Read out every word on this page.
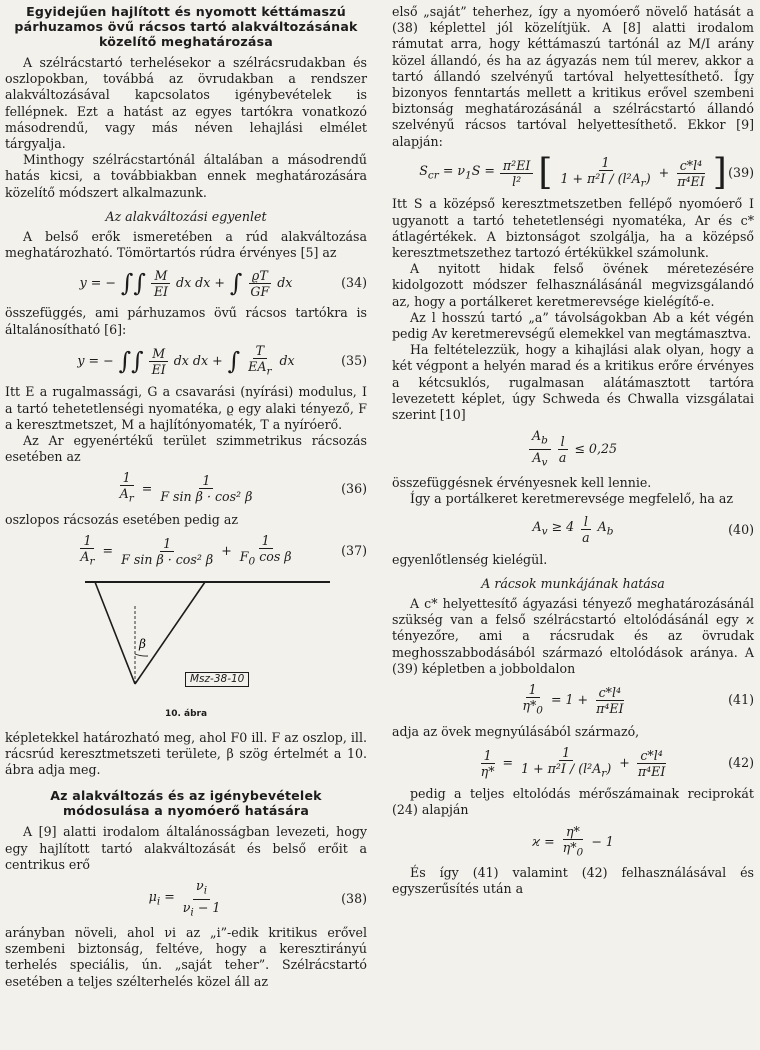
Egyidejűen hajlított és nyomott kéttámaszú párhuzamos övű rácsos tartó alakváltozásának közelítő meghatározása

A szélrácstartó terhelésekor a szélrácsrudakban és oszlopokban, továbbá az övrudakban a rendszer alakváltozásával kapcsolatos igénybevételek is fellépnek. Ezt a hatást az egyes tartókra vonatkozó másodrendű, vagy más néven lehajlási elmélet tárgyalja.

Minthogy szélrácstartónál általában a másodrendű hatás kicsi, a továbbiakban ennek meghatározására közelítő módszert alkalmazunk.

Az alakváltozási egyenlet

A belső erők ismeretében a rúd alakváltozása meghatározható. Tömörtartós rúdra érvényes [5] az

y = − ∫∫ $\frac{M}{EI}$ dx dx + ∫ $\frac{ϱT}{GF}$ dx	(34)

összefüggés, ami párhuzamos övű rácsos tartókra is általánosítható [6]:

y = − ∫∫ $\frac{M}{EI}$ dx dx + ∫ $\frac{T}{EA_r}$ dx	(35)

Itt E a rugalmassági, G a csavarási (nyírási) modulus, I a tartó tehetetlenségi nyomatéka, ϱ egy alaki tényező, F a keresztmetszet, M a hajlítónyomaték, T a nyíróerő.

Az Ar egyenértékű terület szimmetrikus rácsozás esetében az

$\frac{1}{A_r} = \frac{1}{\text{F sin β · cos² β}}$	(36)

oszlopos rácsozás esetében pedig az

$\frac{1}{A_r} = \frac{1}{\text{F sin β · cos² β}} + \frac{1}{F_0 \cos \beta}$	(37)
β
Msz-38-10
10. ábra

képletekkel határozható meg, ahol F0 ill. F az oszlop, ill. rácsrúd keresztmetszeti területe, β szög értelmét a 10. ábra adja meg.

Az alakváltozás és az igénybevételek módosulása a nyomóerő hatására

A [9] alatti irodalom általánosságban levezeti, hogy egy hajlított tartó alakváltozását és belső erőit a centrikus erő

$\mu_i = \frac{\nu_i}{\nu_i - 1}$	(38)

arányban növeli, ahol νi az „i”-edik kritikus erővel szembeni biztonság, feltéve, hogy a keresztirányú terhelés speciális, ún. „saját teher”. Szélrácstartó esetében a teljes szélterhelés közel áll az

első „saját” teherhez, így a nyomóerő növelő hatását a (38) képlettel jól közelítjük. A [8] alatti irodalom rámutat arra, hogy kéttámaszú tartónál az M/I arány közel állandó, és ha az ágyazás nem túl merev, akkor a tartó állandó szelvényű tartóval helyettesíthető. Így bizonyos fenntartás mellett a kritikus erővel szembeni biztonság meghatározásánál a szélrácstartó állandó szelvényű rácsos tartóval helyettesíthető. Ekkor [9] alapján:

$S_{cr} = \nu_1S = \frac{\text{π²EI}}{\text{l²}}$ [ $\frac{1}{1 + \pi^2I / (l^2A_r)} + \frac{\text{c*l⁴}}{\text{π⁴EI}}$ ] (39)

Itt S a középső keresztmetszetben fellépő nyomóerő I ugyanott a tartó tehetetlenségi nyomatéka, Ar és c* átlagértékek. A biztonságot szolgálja, ha a középső keresztmetszethez tartozó értékükkel számolunk.

A nyitott hidak felső övének méretezésére kidolgozott módszer felhasználásánál megvizsgálandó az, hogy a portálkeret keretmerevsége kielégítő-e.

Az l hosszú tartó „a” távolságokban Ab a két végén pedig Av keretmerevségű elemekkel van megtámasztva.

Ha feltételezzük, hogy a kihajlási alak olyan, hogy a két végpont a helyén marad és a kritikus erőre érvényes a kétcsuklós, rugalmasan alátámasztott tartóra levezetett képlet, úgy Schweda és Chwalla vizsgálatai szerint [10]

$\frac{A_b}{A_v} \frac{l}{a} \le 0,25$

összefüggésnek érvényesnek kell lennie.

Így a portálkeret keretmerevsége megfelelő, ha az

$A_v \ge 4 \frac{l}{a} A_b$	(40)

egyenlőtlenség kielégül.

A rácsok munkájának hatása

A c* helyettesítő ágyazási tényező meghatározásánál szükség van a felső szélrácstartó eltolódásánál egy ϰ tényezőre, ami a rácsrudak és az övrudak meghosszabbodásából származó eltolódások aránya. A (39) képletben a jobboldalon

$\frac{1}{\eta*_0} = 1 + \frac{\text{c*l⁴}}{\text{π⁴EI}}$	(41)

adja az övek megnyúlásából származó,

$\frac{1}{\eta*} = \frac{1}{1 + \pi^2I / (l^2A_r)} + \frac{\text{c*l⁴}}{\text{π⁴EI}}$	(42)

pedig a teljes eltolódás mérőszámainak reciprokát (24) alapján

$ϰ = \frac{\eta*}{\eta*_0} - 1$

És így (41) valamint (42) felhasználásával és egyszerűsítés után a
